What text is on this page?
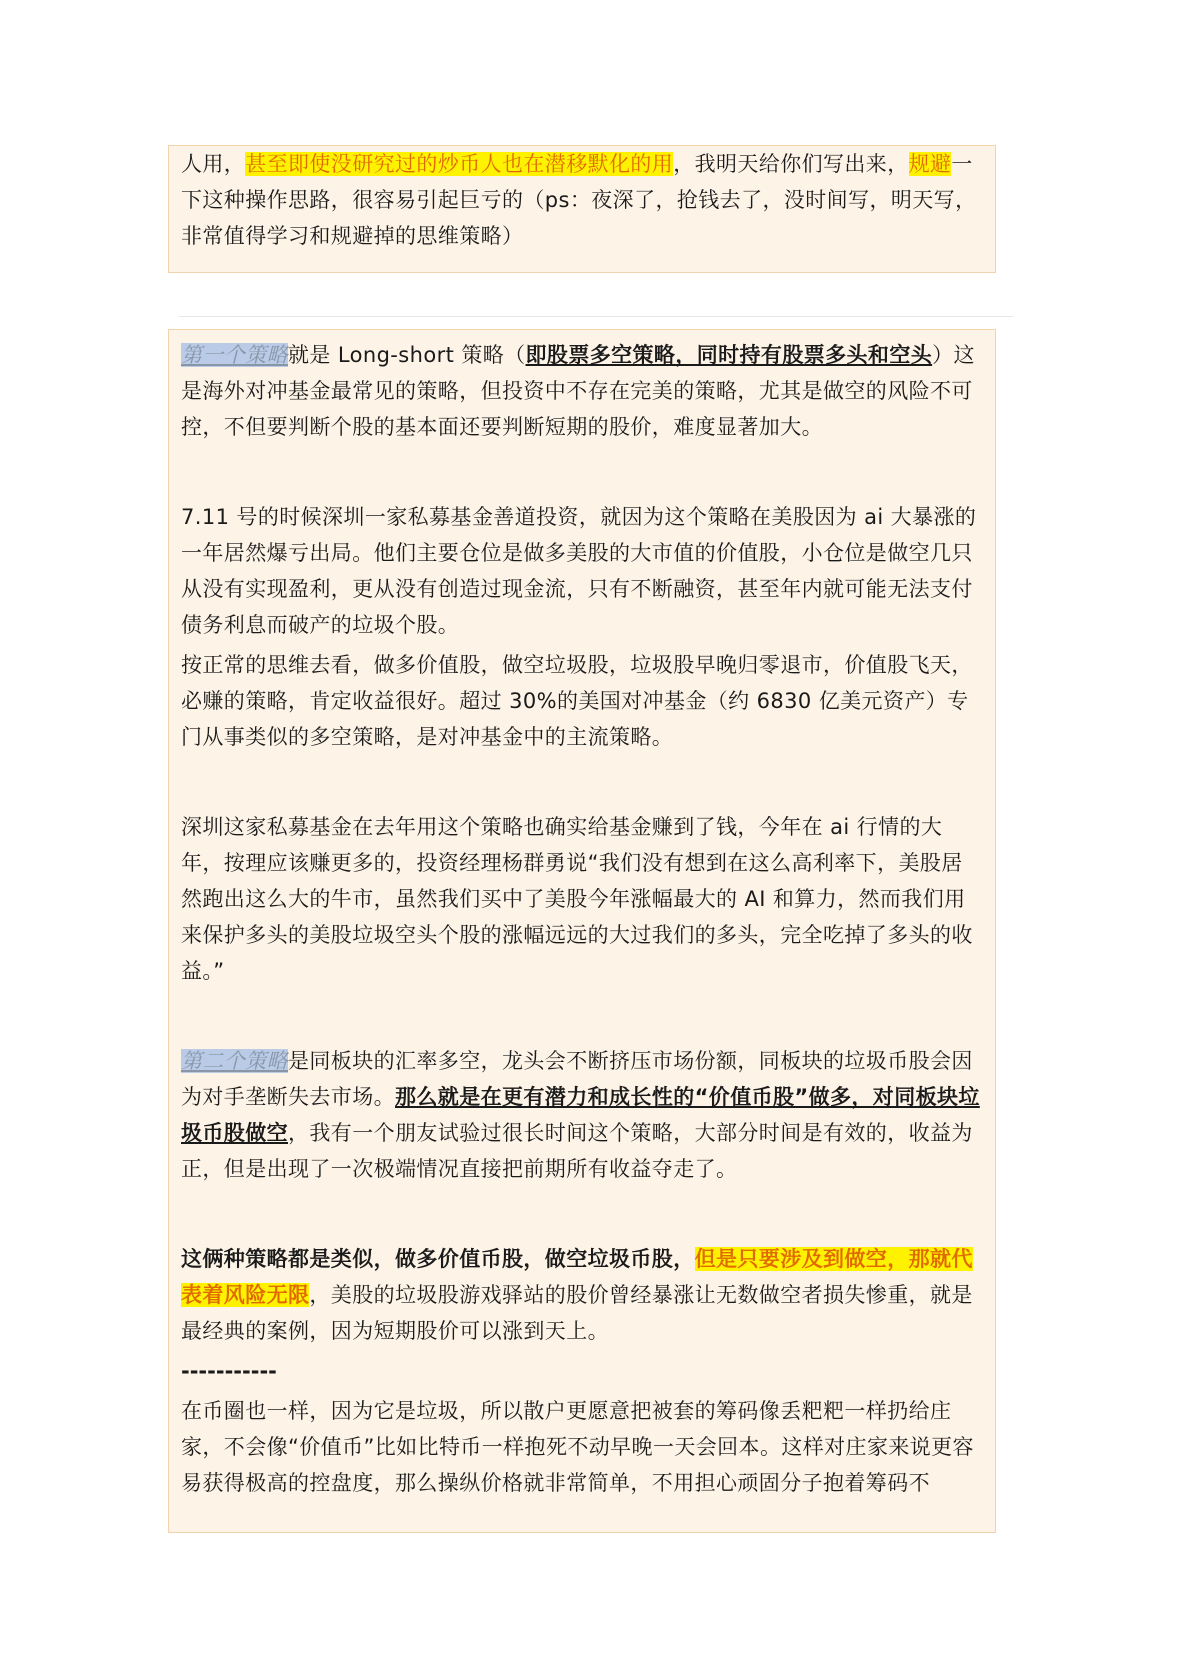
人用，甚至即使没研究过的炒币人也在潜移默化的用，我明天给你们写出来，规避一下这种操作思路，很容易引起巨亏的（ps：夜深了，抢钱去了，没时间写，明天写，非常值得学习和规避掉的思维策略）

第一个策略就是 Long-short 策略（即股票多空策略，同时持有股票多头和空头）这是海外对冲基金最常见的策略，但投资中不存在完美的策略，尤其是做空的风险不可控，不但要判断个股的基本面还要判断短期的股价，难度显著加大。

7.11 号的时候深圳一家私募基金善道投资，就因为这个策略在美股因为 ai 大暴涨的一年居然爆亏出局。他们主要仓位是做多美股的大市值的价值股，小仓位是做空几只从没有实现盈利，更从没有创造过现金流，只有不断融资，甚至年内就可能无法支付债务利息而破产的垃圾个股。

按正常的思维去看，做多价值股，做空垃圾股，垃圾股早晚归零退市，价值股飞天，必赚的策略，肯定收益很好。超过 30%的美国对冲基金（约 6830 亿美元资产）专门从事类似的多空策略，是对冲基金中的主流策略。

深圳这家私募基金在去年用这个策略也确实给基金赚到了钱，今年在 ai 行情的大年，按理应该赚更多的，投资经理杨群勇说“我们没有想到在这么高利率下，美股居然跑出这么大的牛市，虽然我们买中了美股今年涨幅最大的 AI 和算力，然而我们用来保护多头的美股垃圾空头个股的涨幅远远的大过我们的多头，完全吃掉了多头的收益。”

第二个策略是同板块的汇率多空，龙头会不断挤压市场份额，同板块的垃圾币股会因为对手垄断失去市场。那么就是在更有潜力和成长性的“价值币股”做多，对同板块垃圾币股做空，我有一个朋友试验过很长时间这个策略，大部分时间是有效的，收益为正，但是出现了一次极端情况直接把前期所有收益夺走了。

这俩种策略都是类似，做多价值币股，做空垃圾币股，但是只要涉及到做空，那就代表着风险无限，美股的垃圾股游戏驿站的股价曾经暴涨让无数做空者损失惨重，就是最经典的案例，因为短期股价可以涨到天上。

-----------

在币圈也一样，因为它是垃圾，所以散户更愿意把被套的筹码像丢粑粑一样扔给庄家，不会像“价值币”比如比特币一样抱死不动早晚一天会回本。这样对庄家来说更容易获得极高的控盘度，那么操纵价格就非常简单，不用担心顽固分子抱着筹码不
